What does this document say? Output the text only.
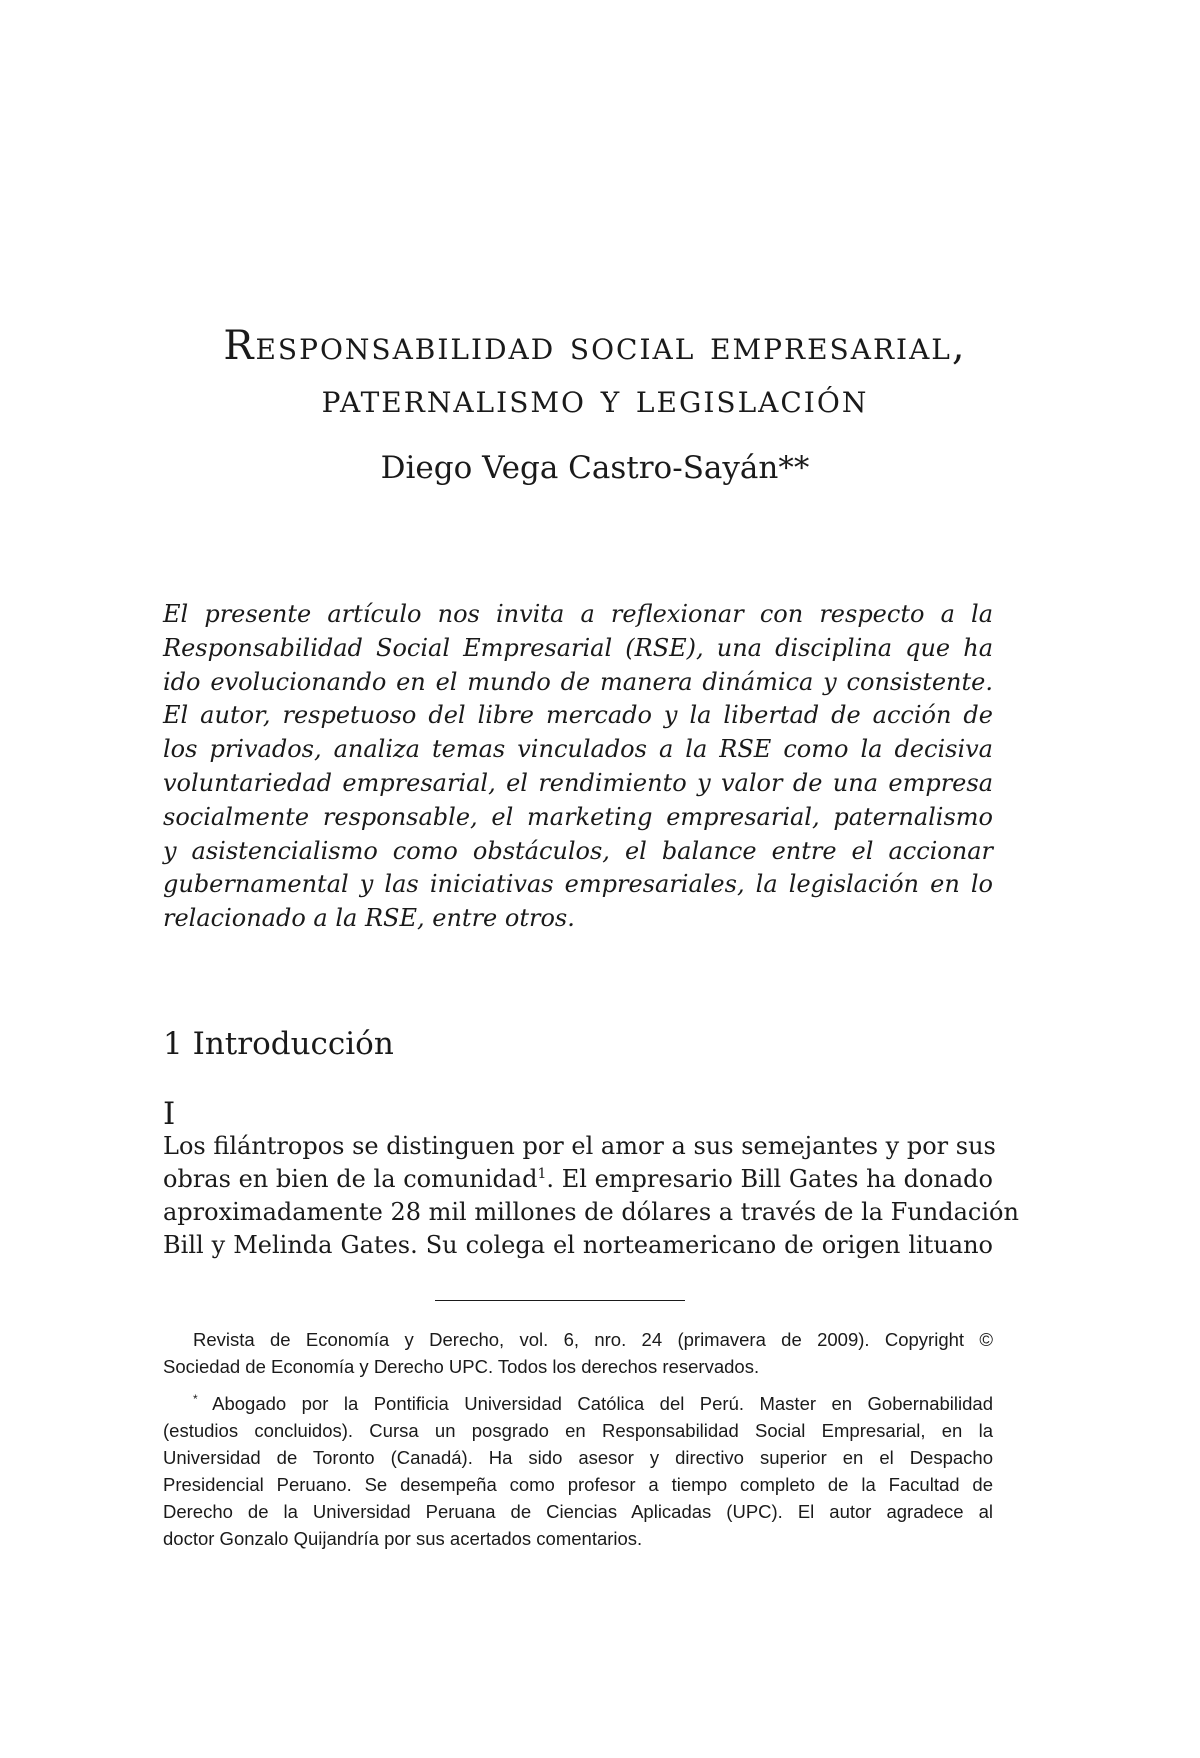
Responsabilidad social empresarial,
paternalismo y legislación
Diego Vega Castro-Sayán**
El presente artículo nos invita a reflexionar con respecto a la
Responsabilidad Social Empresarial (RSE), una disciplina que ha
ido evolucionando en el mundo de manera dinámica y consistente.
El autor, respetuoso del libre mercado y la libertad de acción de
los privados, analiza temas vinculados a la RSE como la decisiva
voluntariedad empresarial, el rendimiento y valor de una empresa
socialmente responsable, el marketing empresarial, paternalismo
y asistencialismo como obstáculos, el balance entre el accionar
gubernamental y las iniciativas empresariales, la legislación en lo
relacionado a la RSE, entre otros.
1 Introducción
I
Los filántropos se distinguen por el amor a sus semejantes y por sus
obras en bien de la comunidad$^1$. El empresario Bill Gates ha donado
aproximadamente 28 mil millones de dólares a través de la Fundación
Bill y Melinda Gates. Su colega el norteamericano de origen lituano
Revista de Economía y Derecho, vol. 6, nro. 24 (primavera de 2009). Copyright ©
Sociedad de Economía y Derecho UPC. Todos los derechos reservados.
* Abogado por la Pontificia Universidad Católica del Perú. Master en Gobernabilidad
(estudios concluidos). Cursa un posgrado en Responsabilidad Social Empresarial, en la
Universidad de Toronto (Canadá). Ha sido asesor y directivo superior en el Despacho
Presidencial Peruano. Se desempeña como profesor a tiempo completo de la Facultad de
Derecho de la Universidad Peruana de Ciencias Aplicadas (UPC). El autor agradece al
doctor Gonzalo Quijandría por sus acertados comentarios.
